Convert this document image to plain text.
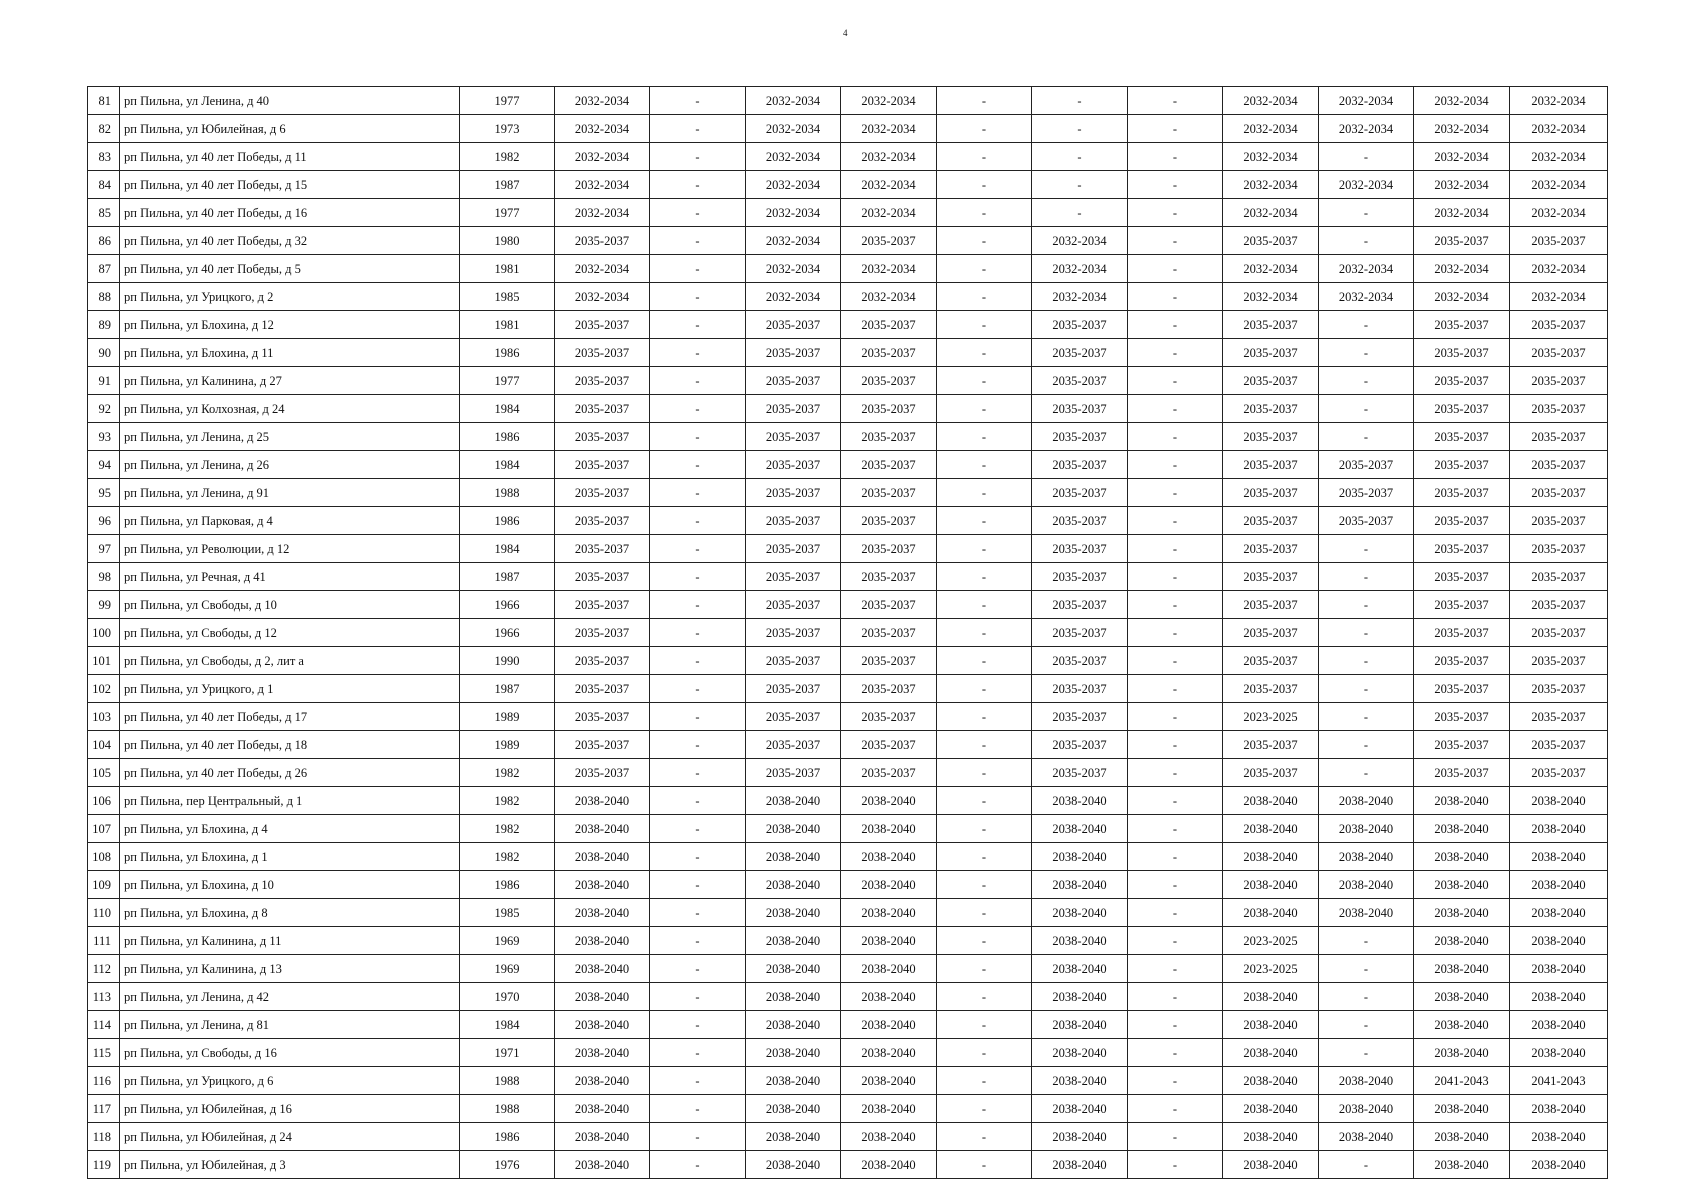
4
81	рп Пильна, ул Ленина, д 40	1977	2032-2034	-	2032-2034	2032-2034	-	-	-	2032-2034	2032-2034	2032-2034	2032-2034
82	рп Пильна, ул Юбилейная, д 6	1973	2032-2034	-	2032-2034	2032-2034	-	-	-	2032-2034	2032-2034	2032-2034	2032-2034
83	рп Пильна, ул 40 лет Победы, д 11	1982	2032-2034	-	2032-2034	2032-2034	-	-	-	2032-2034	-	2032-2034	2032-2034
84	рп Пильна, ул 40 лет Победы, д 15	1987	2032-2034	-	2032-2034	2032-2034	-	-	-	2032-2034	2032-2034	2032-2034	2032-2034
85	рп Пильна, ул 40 лет Победы, д 16	1977	2032-2034	-	2032-2034	2032-2034	-	-	-	2032-2034	-	2032-2034	2032-2034
86	рп Пильна, ул 40 лет Победы, д 32	1980	2035-2037	-	2032-2034	2035-2037	-	2032-2034	-	2035-2037	-	2035-2037	2035-2037
87	рп Пильна, ул 40 лет Победы, д 5	1981	2032-2034	-	2032-2034	2032-2034	-	2032-2034	-	2032-2034	2032-2034	2032-2034	2032-2034
88	рп Пильна, ул Урицкого, д 2	1985	2032-2034	-	2032-2034	2032-2034	-	2032-2034	-	2032-2034	2032-2034	2032-2034	2032-2034
89	рп Пильна, ул Блохина, д 12	1981	2035-2037	-	2035-2037	2035-2037	-	2035-2037	-	2035-2037	-	2035-2037	2035-2037
90	рп Пильна, ул Блохина, д 11	1986	2035-2037	-	2035-2037	2035-2037	-	2035-2037	-	2035-2037	-	2035-2037	2035-2037
91	рп Пильна, ул Калинина, д 27	1977	2035-2037	-	2035-2037	2035-2037	-	2035-2037	-	2035-2037	-	2035-2037	2035-2037
92	рп Пильна, ул Колхозная, д 24	1984	2035-2037	-	2035-2037	2035-2037	-	2035-2037	-	2035-2037	-	2035-2037	2035-2037
93	рп Пильна, ул Ленина, д 25	1986	2035-2037	-	2035-2037	2035-2037	-	2035-2037	-	2035-2037	-	2035-2037	2035-2037
94	рп Пильна, ул Ленина, д 26	1984	2035-2037	-	2035-2037	2035-2037	-	2035-2037	-	2035-2037	2035-2037	2035-2037	2035-2037
95	рп Пильна, ул Ленина, д 91	1988	2035-2037	-	2035-2037	2035-2037	-	2035-2037	-	2035-2037	2035-2037	2035-2037	2035-2037
96	рп Пильна, ул Парковая, д 4	1986	2035-2037	-	2035-2037	2035-2037	-	2035-2037	-	2035-2037	2035-2037	2035-2037	2035-2037
97	рп Пильна, ул Революции, д 12	1984	2035-2037	-	2035-2037	2035-2037	-	2035-2037	-	2035-2037	-	2035-2037	2035-2037
98	рп Пильна, ул Речная, д 41	1987	2035-2037	-	2035-2037	2035-2037	-	2035-2037	-	2035-2037	-	2035-2037	2035-2037
99	рп Пильна, ул Свободы, д 10	1966	2035-2037	-	2035-2037	2035-2037	-	2035-2037	-	2035-2037	-	2035-2037	2035-2037
100	рп Пильна, ул Свободы, д 12	1966	2035-2037	-	2035-2037	2035-2037	-	2035-2037	-	2035-2037	-	2035-2037	2035-2037
101	рп Пильна, ул Свободы, д 2, лит а	1990	2035-2037	-	2035-2037	2035-2037	-	2035-2037	-	2035-2037	-	2035-2037	2035-2037
102	рп Пильна, ул Урицкого, д 1	1987	2035-2037	-	2035-2037	2035-2037	-	2035-2037	-	2035-2037	-	2035-2037	2035-2037
103	рп Пильна, ул 40 лет Победы, д 17	1989	2035-2037	-	2035-2037	2035-2037	-	2035-2037	-	2023-2025	-	2035-2037	2035-2037
104	рп Пильна, ул 40 лет Победы, д 18	1989	2035-2037	-	2035-2037	2035-2037	-	2035-2037	-	2035-2037	-	2035-2037	2035-2037
105	рп Пильна, ул 40 лет Победы, д 26	1982	2035-2037	-	2035-2037	2035-2037	-	2035-2037	-	2035-2037	-	2035-2037	2035-2037
106	рп Пильна, пер Центральный, д 1	1982	2038-2040	-	2038-2040	2038-2040	-	2038-2040	-	2038-2040	2038-2040	2038-2040	2038-2040
107	рп Пильна, ул Блохина, д 4	1982	2038-2040	-	2038-2040	2038-2040	-	2038-2040	-	2038-2040	2038-2040	2038-2040	2038-2040
108	рп Пильна, ул Блохина, д 1	1982	2038-2040	-	2038-2040	2038-2040	-	2038-2040	-	2038-2040	2038-2040	2038-2040	2038-2040
109	рп Пильна, ул Блохина, д 10	1986	2038-2040	-	2038-2040	2038-2040	-	2038-2040	-	2038-2040	2038-2040	2038-2040	2038-2040
110	рп Пильна, ул Блохина, д 8	1985	2038-2040	-	2038-2040	2038-2040	-	2038-2040	-	2038-2040	2038-2040	2038-2040	2038-2040
111	рп Пильна, ул Калинина, д 11	1969	2038-2040	-	2038-2040	2038-2040	-	2038-2040	-	2023-2025	-	2038-2040	2038-2040
112	рп Пильна, ул Калинина, д 13	1969	2038-2040	-	2038-2040	2038-2040	-	2038-2040	-	2023-2025	-	2038-2040	2038-2040
113	рп Пильна, ул Ленина, д 42	1970	2038-2040	-	2038-2040	2038-2040	-	2038-2040	-	2038-2040	-	2038-2040	2038-2040
114	рп Пильна, ул Ленина, д 81	1984	2038-2040	-	2038-2040	2038-2040	-	2038-2040	-	2038-2040	-	2038-2040	2038-2040
115	рп Пильна, ул Свободы, д 16	1971	2038-2040	-	2038-2040	2038-2040	-	2038-2040	-	2038-2040	-	2038-2040	2038-2040
116	рп Пильна, ул Урицкого, д 6	1988	2038-2040	-	2038-2040	2038-2040	-	2038-2040	-	2038-2040	2038-2040	2041-2043	2041-2043
117	рп Пильна, ул Юбилейная, д 16	1988	2038-2040	-	2038-2040	2038-2040	-	2038-2040	-	2038-2040	2038-2040	2038-2040	2038-2040
118	рп Пильна, ул Юбилейная, д 24	1986	2038-2040	-	2038-2040	2038-2040	-	2038-2040	-	2038-2040	2038-2040	2038-2040	2038-2040
119	рп Пильна, ул Юбилейная, д 3	1976	2038-2040	-	2038-2040	2038-2040	-	2038-2040	-	2038-2040	-	2038-2040	2038-2040
